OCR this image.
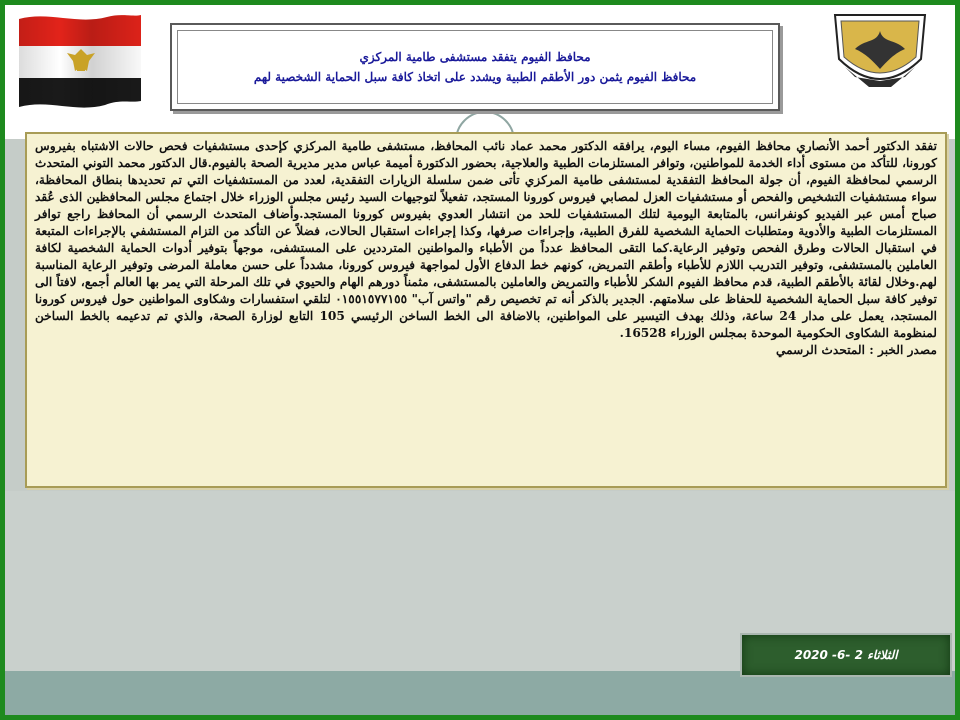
محافظ الفيوم يتفقد مستشفى طامية المركزي
محافظ الفيوم يثمن دور الأطقم الطبية ويشدد على اتخاذ كافة سبل الحماية الشخصية لهم

تفقد الدكتور أحمد الأنصاري محافظ الفيوم، مساء اليوم، يرافقه الدكتور محمد عماد نائب المحافظ، مستشفى طامية المركزي كإحدى مستشفيات فحص حالات الاشتباه بفيروس كورونا، للتأكد من مستوى أداء الخدمة للمواطنين، وتوافر المستلزمات الطبية والعلاجية، بحضور الدكتورة أميمة عباس مدير مديرية الصحة بالفيوم.قال الدكتور محمد التوني المتحدث الرسمي لمحافظة الفيوم، أن جولة المحافظ التفقدية لمستشفى طامية المركزي تأتى ضمن سلسلة الزيارات التفقدية، لعدد من المستشفيات التي تم تحديدها بنطاق المحافظة، سواء مستشفيات التشخيص والفحص أو مستشفيات العزل لمصابي فيروس كورونا المستجد، تفعيلاً لتوجيهات السيد رئيس مجلس الوزراء خلال اجتماع مجلس المحافظين الذى عُقد صباح أمس عبر الفيديو كونفرانس، بالمتابعة اليومية لتلك المستشفيات للحد من انتشار العدوي بفيروس كورونا المستجد.وأضاف المتحدث الرسمي أن المحافظ راجع توافر المستلزمات الطبية والأدوية ومتطلبات الحماية الشخصية للفرق الطبية، وإجراءات صرفها، وكذا إجراءات استقبال الحالات، فضلاً عن التأكد من التزام المستشفي بالإجراءات المتبعة في استقبال الحالات وطرق الفحص وتوفير الرعاية.كما التقى المحافظ عدداً من الأطباء والمواطنين المترددين على المستشفى، موجهاً بتوفير أدوات الحماية الشخصية لكافة العاملين بالمستشفى، وتوفير التدريب اللازم للأطباء وأطقم التمريض، كونهم خط الدفاع الأول لمواجهة فيروس كورونا، مشدداً على حسن معاملة المرضى وتوفير الرعاية المناسبة لهم.وخلال لقائة بالأطقم الطبية، قدم محافظ الفيوم الشكر للأطباء والتمريض والعاملين بالمستشفى، مثمناً دورهم الهام والحيوي في تلك المرحلة التي يمر بها العالم أجمع، لافتاً الى توفير كافة سبل الحماية الشخصية للحفاظ على سلامتهم. الجدير بالذكر أنه تم تخصيص رقم "واتس آب" ٠١٥٥١٥٧٧١٥٥ لتلقي استفسارات وشكاوى المواطنين حول فيروس كورونا المستجد، يعمل على مدار 24 ساعة، وذلك بهدف التيسير على المواطنين، بالاضافة الى الخط الساخن الرئيسي 105 التابع لوزارة الصحة، والذي تم تدعيمه بالخط الساخن لمنظومة الشكاوى الحكومية الموحدة بمجلس الوزراء 16528.

مصدر الخبر : المتحدث الرسمي
الثلاثاء 2 -6- 2020
